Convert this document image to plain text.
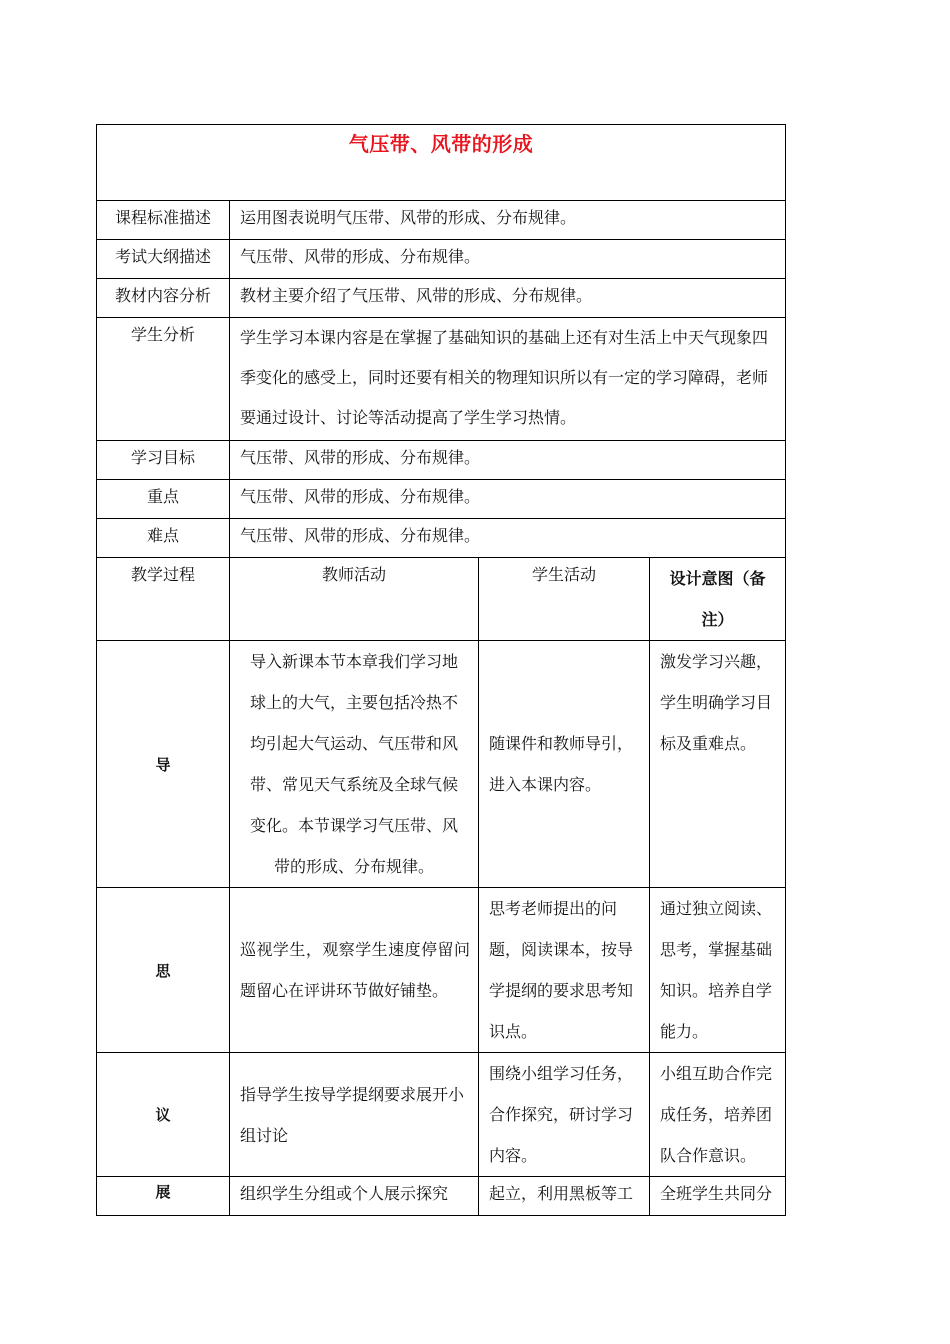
气压带、风带的形成			

课程标准描述	运用图表说明气压带、风带的形成、分布规律。		
考试大纲描述	气压带、风带的形成、分布规律。		
教材内容分析	教材主要介绍了气压带、风带的形成、分布规律。		
学生分析	学生学习本课内容是在掌握了基础知识的基础上还有对生活上中天气现象四季变化的感受上，同时还要有相关的物理知识所以有一定的学习障碍，老师要通过设计、讨论等活动提高了学生学习热情。		
学习目标	气压带、风带的形成、分布规律。		
重点	气压带、风带的形成、分布规律。		
难点	气压带、风带的形成、分布规律。		
教学过程	教师活动	学生活动	设计意图（备注）
导	导入新课本节本章我们学习地球上的大气，主要包括冷热不均引起大气运动、气压带和风带、常见天气系统及全球气候变化。本节课学习气压带、风带的形成、分布规律。	随课件和教师导引，进入本课内容。	激发学习兴趣，学生明确学习目标及重难点。
思	巡视学生，观察学生速度停留问题留心在评讲环节做好铺垫。	思考老师提出的问题，阅读课本，按导学提纲的要求思考知识点。	通过独立阅读、思考，掌握基础知识。培养自学能力。
议	指导学生按导学提纲要求展开小组讨论	围绕小组学习任务，合作探究，研讨学习内容。	小组互助合作完成任务，培养团队合作意识。
展	组织学生分组或个人展示探究	起立，利用黑板等工	全班学生共同分
